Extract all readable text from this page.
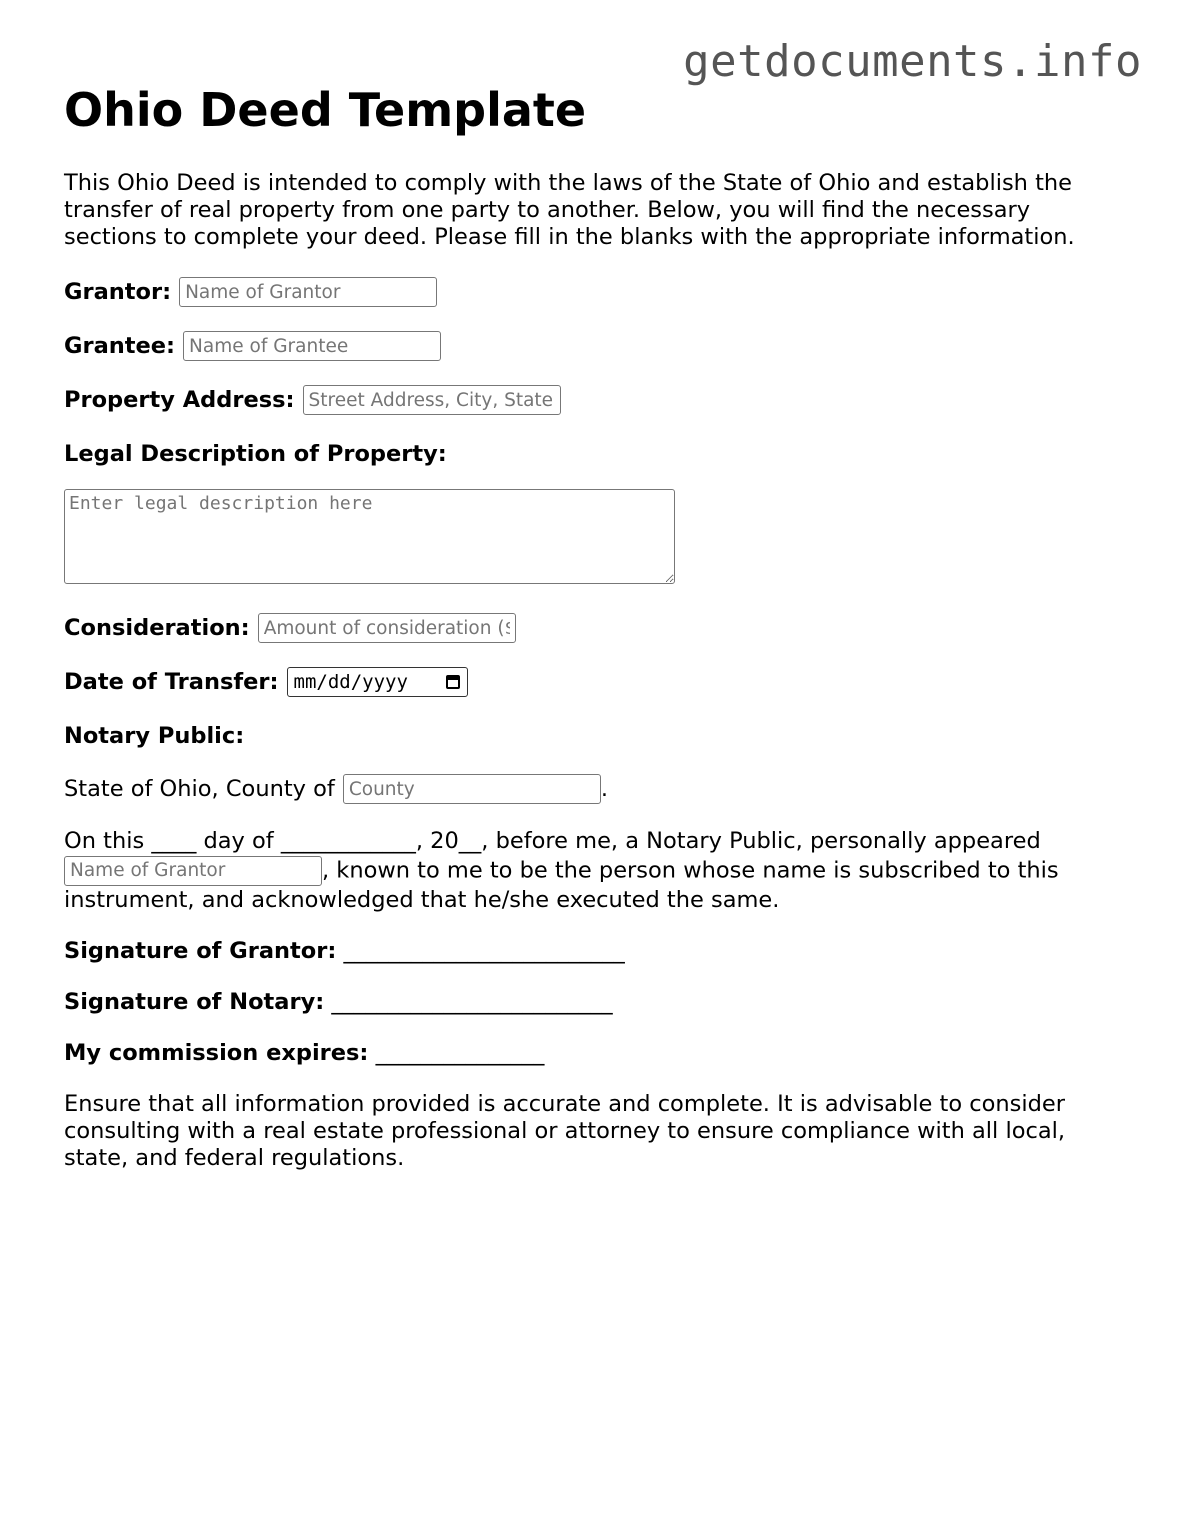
getdocuments.info
Ohio Deed Template

This Ohio Deed is intended to comply with the laws of the State of Ohio and establish the transfer of real property from one party to another. Below, you will find the necessary sections to complete your deed. Please fill in the blanks with the appropriate information.

Grantor:
Name of Grantor
Grantee:
Name of Grantee
Property Address:
Street Address, City, State
Legal Description of Property:
Enter legal description here
Consideration:
Amount of consideration ($)
Date of Transfer: mm/dd/yyyy
Notary Public:
State of Ohio, County of
County	.

On this ____ day of ____________, 20__, before me, a Notary Public, personally appeared Name of Grantor, known to me to be the person whose name is subscribed to this instrument, and acknowledged that he/she executed the same.

Signature of Grantor: _________________________

Signature of Notary: _________________________

My commission expires: _______________

Ensure that all information provided is accurate and complete. It is advisable to consider consulting with a real estate professional or attorney to ensure compliance with all local, state, and federal regulations.
